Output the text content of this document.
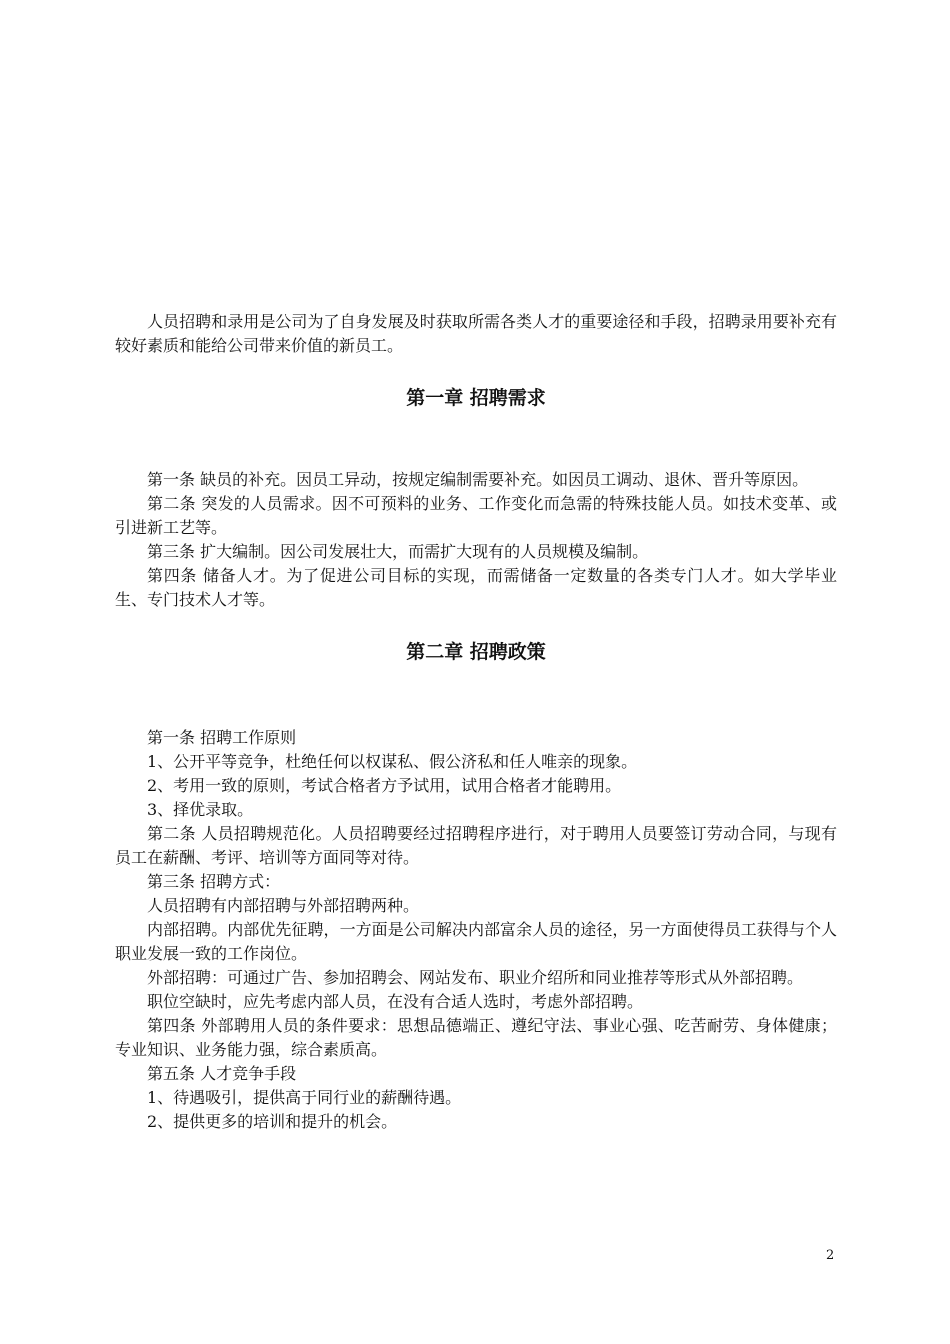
人员招聘和录用是公司为了自身发展及时获取所需各类人才的重要途径和手段，招聘录用要补充有较好素质和能给公司带来价值的新员工。

第一章 招聘需求

第一条 缺员的补充。因员工异动，按规定编制需要补充。如因员工调动、退休、晋升等原因。

第二条 突发的人员需求。因不可预料的业务、工作变化而急需的特殊技能人员。如技术变革、或引进新工艺等。

第三条 扩大编制。因公司发展壮大，而需扩大现有的人员规模及编制。

第四条 储备人才。为了促进公司目标的实现，而需储备一定数量的各类专门人才。如大学毕业生、专门技术人才等。

第二章 招聘政策

第一条 招聘工作原则

1、公开平等竞争，杜绝任何以权谋私、假公济私和任人唯亲的现象。

2、考用一致的原则，考试合格者方予试用，试用合格者才能聘用。

3、择优录取。

第二条 人员招聘规范化。人员招聘要经过招聘程序进行，对于聘用人员要签订劳动合同，与现有员工在薪酬、考评、培训等方面同等对待。

第三条 招聘方式：

人员招聘有内部招聘与外部招聘两种。

内部招聘。内部优先征聘，一方面是公司解决内部富余人员的途径，另一方面使得员工获得与个人职业发展一致的工作岗位。

外部招聘：可通过广告、参加招聘会、网站发布、职业介绍所和同业推荐等形式从外部招聘。

职位空缺时，应先考虑内部人员，在没有合适人选时，考虑外部招聘。

第四条 外部聘用人员的条件要求：思想品德端正、遵纪守法、事业心强、吃苦耐劳、身体健康；专业知识、业务能力强，综合素质高。

第五条 人才竞争手段

1、待遇吸引，提供高于同行业的薪酬待遇。

2、提供更多的培训和提升的机会。

2
